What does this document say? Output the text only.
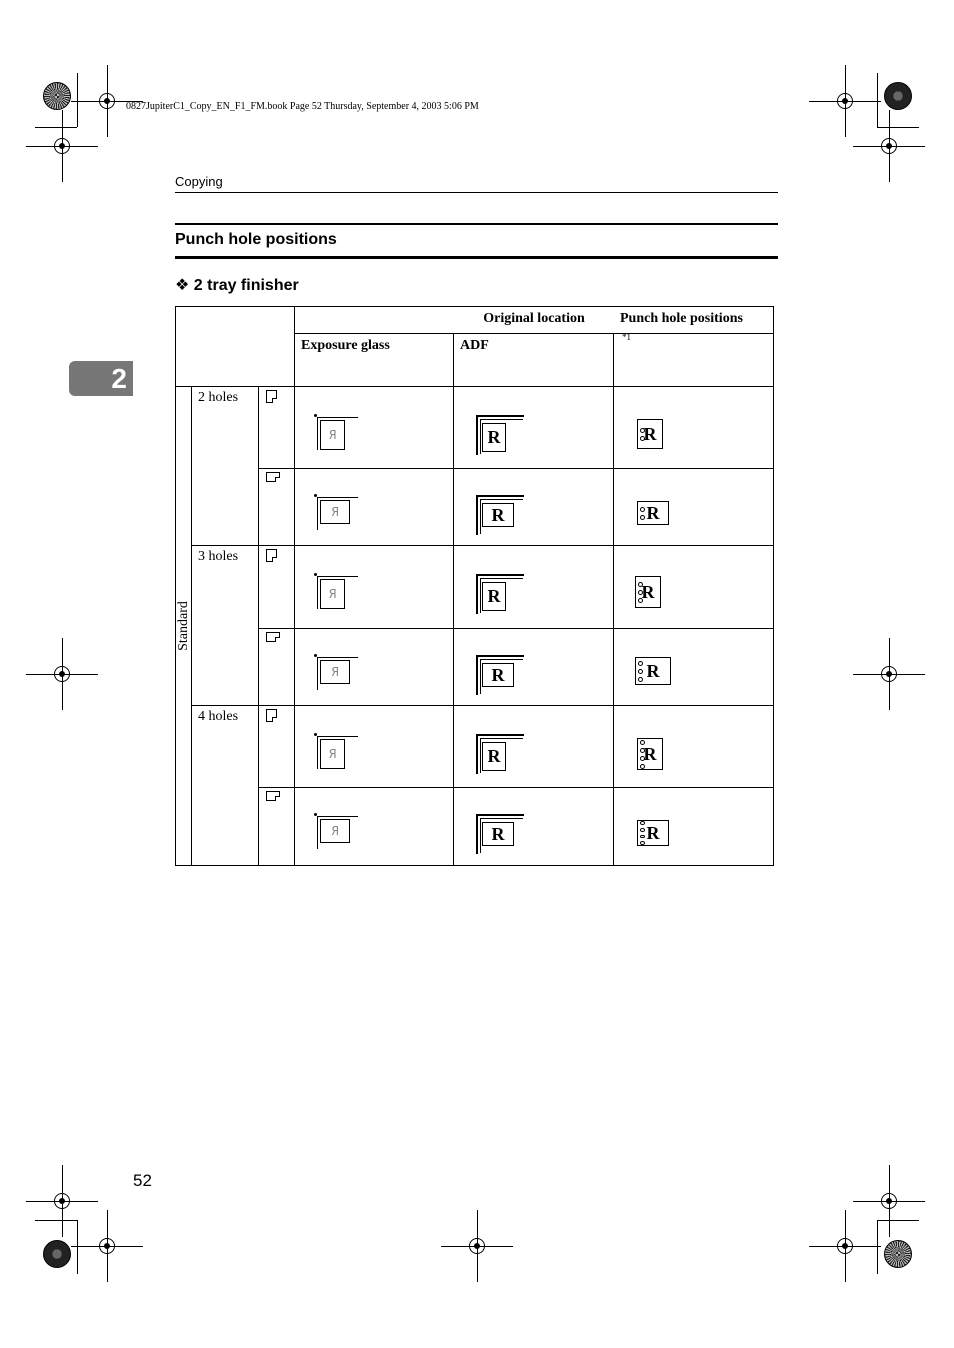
0827JupiterC1_Copy_EN_F1_FM.book Page 52 Thursday, September 4, 2003 5:06 PM
Copying
2
Punch hole positions
❖ 2 tray finisher
			Original location		
			Exposure glass	ADF	Punch hole positions
*1

Standard	2 holes		Я	R	R

			Я	R	R

	3 holes		Я	R	R

			Я	R	R

	4 holes		Я	R	R

			Я	R	R
52
